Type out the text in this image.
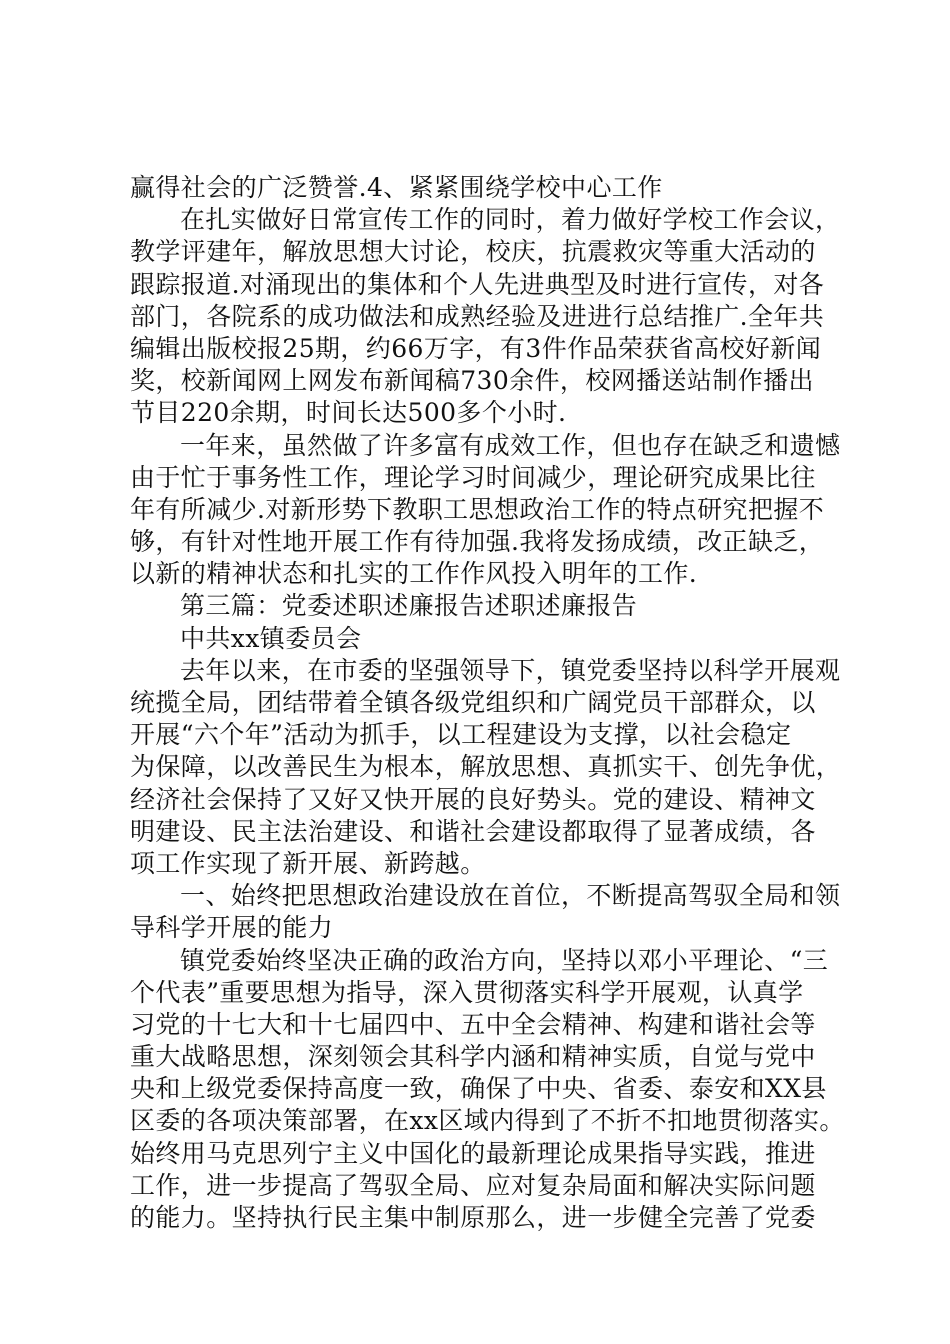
赢得社会的广泛赞誉.4、紧紧围绕学校中心工作
在扎实做好日常宣传工作的同时，着力做好学校工作会议，
教学评建年，解放思想大讨论，校庆，抗震救灾等重大活动的
跟踪报道.对涌现出的集体和个人先进典型及时进行宣传，对各
部门，各院系的成功做法和成熟经验及进进行总结推广.全年共
编辑出版校报25期，约66万字，有3件作品荣获省高校好新闻
奖，校新闻网上网发布新闻稿730余件，校网播送站制作播出
节目220余期，时间长达500多个小时.
一年来，虽然做了许多富有成效工作，但也存在缺乏和遗憾
由于忙于事务性工作，理论学习时间减少，理论研究成果比往
年有所减少.对新形势下教职工思想政治工作的特点研究把握不
够，有针对性地开展工作有待加强.我将发扬成绩，改正缺乏，
以新的精神状态和扎实的工作作风投入明年的工作.
第三篇：党委述职述廉报告述职述廉报告
中共xx镇委员会
去年以来，在市委的坚强领导下，镇党委坚持以科学开展观
统揽全局，团结带着全镇各级党组织和广阔党员干部群众，以
开展“六个年”活动为抓手，以工程建设为支撑，以社会稳定
为保障，以改善民生为根本，解放思想、真抓实干、创先争优，
经济社会保持了又好又快开展的良好势头。党的建设、精神文
明建设、民主法治建设、和谐社会建设都取得了显著成绩，各
项工作实现了新开展、新跨越。
一、始终把思想政治建设放在首位，不断提高驾驭全局和领
导科学开展的能力
镇党委始终坚决正确的政治方向，坚持以邓小平理论、“三
个代表”重要思想为指导，深入贯彻落实科学开展观，认真学
习党的十七大和十七届四中、五中全会精神、构建和谐社会等
重大战略思想，深刻领会其科学内涵和精神实质，自觉与党中
央和上级党委保持高度一致，确保了中央、省委、泰安和XX县
区委的各项决策部署，在xx区域内得到了不折不扣地贯彻落实。
始终用马克思列宁主义中国化的最新理论成果指导实践，推进
工作，进一步提高了驾驭全局、应对复杂局面和解决实际问题
的能力。坚持执行民主集中制原那么，进一步健全完善了党委
